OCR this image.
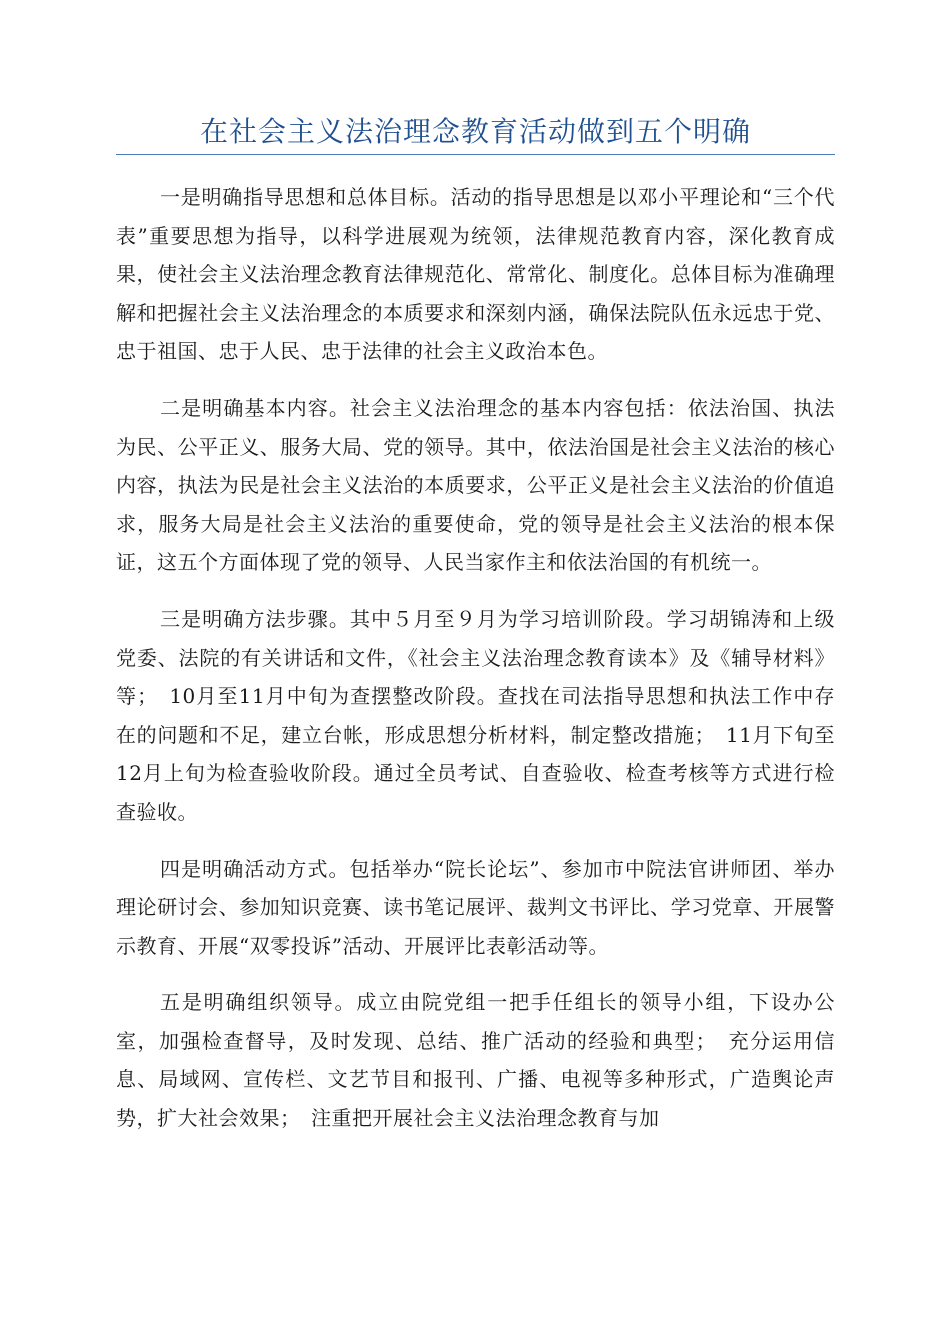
在社会主义法治理念教育活动做到五个明确

一是明确指导思想和总体目标。活动的指导思想是以邓小平理论和“三个代表”重要思想为指导，以科学进展观为统领，法律规范教育内容，深化教育成果，使社会主义法治理念教育法律规范化、常常化、制度化。总体目标为准确理解和把握社会主义法治理念的本质要求和深刻内涵，确保法院队伍永远忠于党、忠于祖国、忠于人民、忠于法律的社会主义政治本色。

二是明确基本内容。社会主义法治理念的基本内容包括：依法治国、执法为民、公平正义、服务大局、党的领导。其中，依法治国是社会主义法治的核心内容，执法为民是社会主义法治的本质要求，公平正义是社会主义法治的价值追求，服务大局是社会主义法治的重要使命，党的领导是社会主义法治的根本保证，这五个方面体现了党的领导、人民当家作主和依法治国的有机统一。

三是明确方法步骤。其中５月至９月为学习培训阶段。学习胡锦涛和上级党委、法院的有关讲话和文件，《社会主义法治理念教育读本》及《辅导材料》等；　10月至11月中旬为查摆整改阶段。查找在司法指导思想和执法工作中存在的问题和不足，建立台帐，形成思想分析材料，制定整改措施；　11月下旬至12月上旬为检查验收阶段。通过全员考试、自查验收、检查考核等方式进行检查验收。

四是明确活动方式。包括举办“院长论坛”、参加市中院法官讲师团、举办理论研讨会、参加知识竞赛、读书笔记展评、裁判文书评比、学习党章、开展警示教育、开展“双零投诉”活动、开展评比表彰活动等。

五是明确组织领导。成立由院党组一把手任组长的领导小组，下设办公室，加强检查督导，及时发现、总结、推广活动的经验和典型；　充分运用信息、局域网、宣传栏、文艺节目和报刊、广播、电视等多种形式，广造舆论声势，扩大社会效果；　注重把开展社会主义法治理念教育与加
